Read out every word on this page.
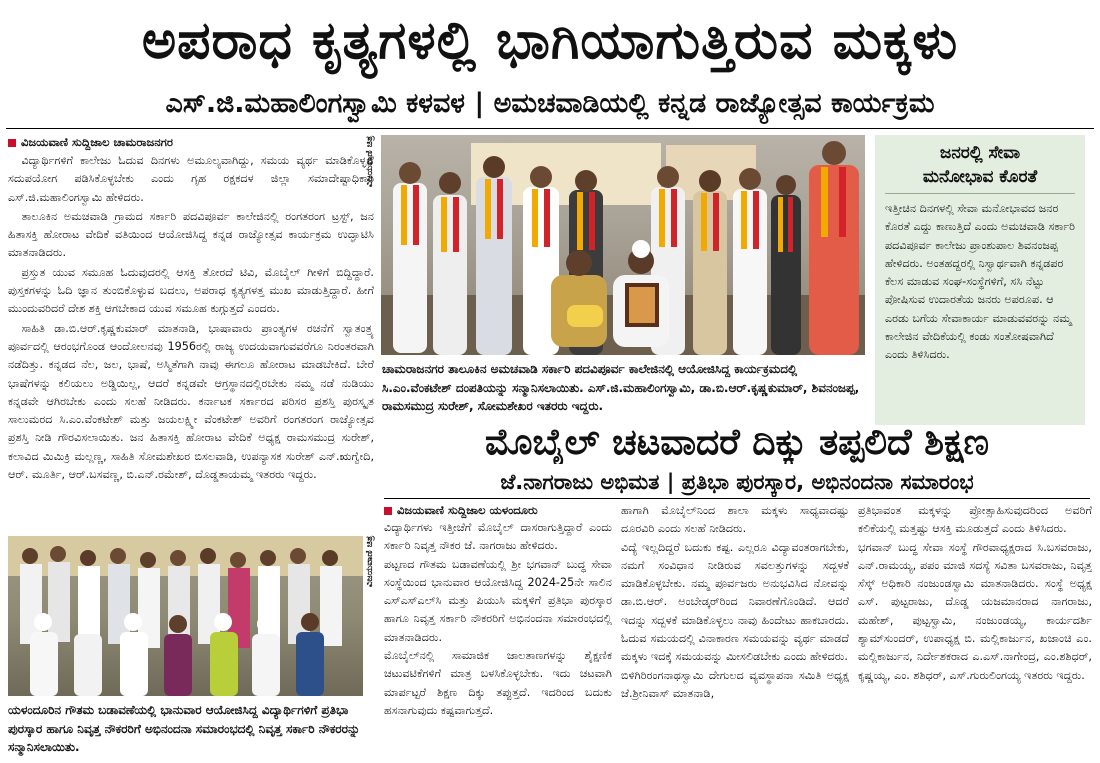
ಅಪರಾಧ ಕೃತ್ಯಗಳಲ್ಲಿ ಭಾಗಿಯಾಗುತ್ತಿರುವ ಮಕ್ಕಳು
ಎಸ್.ಜಿ.ಮಹಾಲಿಂಗಸ್ವಾಮಿ ಕಳವಳ | ಅಮಚವಾಡಿಯಲ್ಲಿ ಕನ್ನಡ ರಾಜ್ಯೋತ್ಸವ ಕಾರ್ಯಕ್ರಮ
ವಿಜಯವಾಣಿ ಸುದ್ದಿಜಾಲ ಚಾಮರಾಜನಗರ

ವಿದ್ಯಾರ್ಥಿಗಳಿಗೆ ಕಾಲೇಜು ಓದುವ ದಿನಗಳು ಅಮೂಲ್ಯವಾಗಿದ್ದು, ಸಮಯ ವ್ಯರ್ಥ ಮಾಡಿಕೊಳ್ಳದೆ ಸದುಪಯೋಗ ಪಡಿಸಿಕೊಳ್ಳಬೇಕು ಎಂದು ಗೃಹ ರಕ್ಷಕದಳ ಜಿಲ್ಲಾ ಸಮಾದೇಷ್ಟಾಧಿಕಾರಿ ಎಸ್.ಜಿ.ಮಹಾಲಿಂಗಸ್ವಾಮಿ ಹೇಳಿದರು.

ತಾಲೂಕಿನ ಅಮಚವಾಡಿ ಗ್ರಾಮದ ಸರ್ಕಾರಿ ಪದವಿಪೂರ್ವ ಕಾಲೇಜಿನಲ್ಲಿ ರಂಗತರಂಗ ಟ್ರಸ್ಟ್, ಜನ ಹಿತಾಸಕ್ತಿ ಹೋರಾಟ ವೇದಿಕೆ ವತಿಯಿಂದ ಆಯೋಜಿಸಿದ್ದ ಕನ್ನಡ ರಾಜ್ಯೋತ್ಸವ ಕಾರ್ಯಕ್ರಮ ಉದ್ಘಾಟಿಸಿ ಮಾತನಾಡಿದರು.

ಪ್ರಸ್ತುತ ಯುವ ಸಮೂಹ ಓದುವುದರಲ್ಲಿ ಆಸಕ್ತಿ ತೋರದೆ ಟಿವಿ, ಮೊಬೈಲ್ ಗೀಳಿಗೆ ಬಿದ್ದಿದ್ದಾರೆ. ಪುಸ್ತಕಗಳನ್ನು ಓದಿ ಜ್ಞಾನ ತುಂಬಿಕೊಳ್ಳುವ ಬದಲು, ಅಪರಾಧ ಕೃತ್ಯಗಳತ್ತ ಮುಖ ಮಾಡುತ್ತಿದ್ದಾರೆ. ಹೀಗೆ ಮುಂದುವರಿದರೆ ದೇಶ ಶಕ್ತಿ ಆಗಬೇಕಾದ ಯುವ ಸಮೂಹ ಕುಗ್ಗುತ್ತದೆ ಎಂದರು.

ಸಾಹಿತಿ ಡಾ.ಬಿ.ಆರ್.ಕೃಷ್ಣಕುಮಾರ್ ಮಾತನಾಡಿ, ಭಾಷಾವಾರು ಪ್ರಾಂತ್ಯಗಳ ರಚನೆಗೆ ಸ್ವಾತಂತ್ರ್ಯ ಪೂರ್ವದಲ್ಲಿ ಆರಂಭಗೊಂಡ ಆಂದೋಲನವು 1956ರಲ್ಲಿ ರಾಜ್ಯ ಉದಯವಾಗುವವರೆಗೂ ನಿರಂತರವಾಗಿ ನಡೆದಿತ್ತು. ಕನ್ನಡದ ನೆಲ, ಜಲ, ಭಾಷೆ, ಅಸ್ಮಿತೆಗಾಗಿ ನಾವು ಈಗಲೂ ಹೋರಾಟ ಮಾಡಬೇಕಿದೆ. ಬೇರೆ ಭಾಷೆಗಳನ್ನು ಕಲಿಯಲು ಅಡ್ಡಿಯಿಲ್ಲ, ಆದರೆ ಕನ್ನಡವೇ ಆಗ್ರಸ್ಥಾನದಲ್ಲಿರಬೇಕು ನಮ್ಮ ನಡೆ ನುಡಿಯು ಕನ್ನಡವೇ ಆಗಿರಬೇಕು ಎಂದು ಸಲಹೆ ನೀಡಿದರು. ಕರ್ನಾಟಕ ಸರ್ಕಾರದ ಪರಿಸರ ಪ್ರಶಸ್ತಿ ಪುರಸ್ಕೃತ ಸಾಲುಮರದ ಸಿ.ಎಂ.ವೆಂಕಟೇಶ್ ಮತ್ತು ಜಯಲಕ್ಷ್ಮೀ ವೆಂಕಟೇಶ್ ಅವರಿಗೆ ರಂಗತರಂಗ ರಾಜ್ಯೋತ್ಸವ ಪ್ರಶಸ್ತಿ ನೀಡಿ ಗೌರವಿಸಲಾಯಿತು. ಜನ ಹಿತಾಸಕ್ತಿ ಹೋರಾಟ ವೇದಿಕೆ ಅಧ್ಯಕ್ಷ ರಾಮಸಮುದ್ರ ಸುರೇಶ್, ಕಲಾವಿದ ಮಿಮಿಕ್ರಿ ಮಲ್ಲಣ್ಣ, ಸಾಹಿತಿ ಸೋಮಶೇಖರ ಬಿಸಲವಾಡಿ, ಉಪನ್ಯಾಸಕ ಸುರೇಶ್ ಎನ್.ಋಗ್ವೇದಿ, ಆರ್. ಮೂರ್ತಿ, ಆರ್.ಬಸವಣ್ಣ, ಬಿ.ಎನ್.ರಮೇಶ್, ದೊಡ್ಡತಾಯಮ್ಮ ಇತರರು ಇದ್ದರು.

ವಿಜಯವಾಣಿ ಚಿತ್ರ
ಚಾಮರಾಜನಗರ ತಾಲೂಕಿನ ಅಮಚವಾಡಿ ಸರ್ಕಾರಿ ಪದವಿಪೂರ್ವ ಕಾಲೇಜಿನಲ್ಲಿ ಆಯೋಜಿಸಿದ್ದ ಕಾರ್ಯಕ್ರಮದಲ್ಲಿ ಸಿ.ಎಂ.ವೆಂಕಟೇಶ್ ದಂಪತಿಯನ್ನು ಸನ್ಮಾನಿಸಲಾಯಿತು. ಎಸ್.ಜಿ.ಮಹಾಲಿಂಗಸ್ವಾಮಿ, ಡಾ.ಬಿ.ಆರ್.ಕೃಷ್ಣಕುಮಾರ್, ಶಿವನಂಜಪ್ಪ, ರಾಮಸಮುದ್ರ ಸುರೇಶ್, ಸೋಮಶೇಖರ ಇತರರು ಇದ್ದರು.
ಜನರಲ್ಲಿ ಸೇವಾ
ಮನೋಭಾವ ಕೊರತೆ
ಇತ್ತೀಚಿನ ದಿನಗಳಲ್ಲಿ ಸೇವಾ ಮನೋಭಾವದ ಜನರ ಕೊರತೆ ಎದ್ದು ಕಾಣುತ್ತಿದೆ ಎಂದು ಅಮಚವಾಡಿ ಸರ್ಕಾರಿ ಪದವಿಪೂರ್ವ ಕಾಲೇಜು ಪ್ರಾಂಶುಪಾಲ ಶಿವನಂಜಪ್ಪ ಹೇಳಿದರು. ಅಂತಹದ್ದರಲ್ಲಿ ನಿಸ್ವಾರ್ಥವಾಗಿ ಕನ್ನಡಪರ ಕೆಲಸ ಮಾಡುವ ಸಂಘ-ಸಂಸ್ಥೆಗಳಿಗೆ, ಸಸಿ ನೆಟ್ಟು ಪೋಷಿಸುವ ಉದಾರತೆಯ ಜನರು ಅಪರೂಪ. ಆ ಎರಡು ಬಗೆಯ ಸೇವಾಕಾರ್ಯ ಮಾಡುವವರನ್ನು ನಮ್ಮ ಕಾಲೇಜಿನ ವೇದಿಕೆಯಲ್ಲಿ ಕಂಡು ಸಂತೋಷವಾಗಿದೆ ಎಂದು ತಿಳಿಸಿದರು.
ಮೊಬೈಲ್ ಚಟವಾದರೆ ದಿಕ್ಕು ತಪ್ಪಲಿದೆ ಶಿಕ್ಷಣ
ಜೆ.ನಾಗರಾಜು ಅಭಿಮತ | ಪ್ರತಿಭಾ ಪುರಸ್ಕಾರ, ಅಭಿನಂದನಾ ಸಮಾರಂಭ
ವಿಜಯವಾಣಿ ಚಿತ್ರ
ಯಳಂದೂರಿನ ಗೌತಮ ಬಡಾವಣೆಯಲ್ಲಿ ಭಾನುವಾರ ಆಯೋಜಿಸಿದ್ದ ವಿದ್ಯಾರ್ಥಿಗಳಿಗೆ ಪ್ರತಿಭಾ ಪುರಸ್ಕಾರ ಹಾಗೂ ನಿವೃತ್ತ ನೌಕರರಿಗೆ ಅಭಿನಂದನಾ ಸಮಾರಂಭದಲ್ಲಿ ನಿವೃತ್ತ ಸರ್ಕಾರಿ ನೌಕರರನ್ನು ಸನ್ಮಾನಿಸಲಾಯಿತು.
ವಿಜಯವಾಣಿ ಸುದ್ದಿಜಾಲ ಯಳಂದೂರು
ವಿದ್ಯಾರ್ಥಿಗಳು ಇತ್ತೀಚೆಗೆ ಮೊಬೈಲ್ ದಾಸರಾಗುತ್ತಿದ್ದಾರೆ ಎಂದು ಸರ್ಕಾರಿ ನಿವೃತ್ತ ನೌಕರ ಜೆ. ನಾಗರಾಜು ಹೇಳಿದರು.
ಪಟ್ಟಣದ ಗೌತಮ ಬಡಾವಣೆಯಲ್ಲಿ ಶ್ರೀ ಭಗವಾನ್ ಬುದ್ಧ ಸೇವಾ ಸಂಸ್ಥೆಯಿಂದ ಭಾನುವಾರ ಆಯೋಜಿಸಿದ್ದ 2024-25ನೇ ಸಾಲಿನ ಎಸ್‌ಎಸ್‌ಎಲ್‌ಸಿ ಮತ್ತು ಪಿಯುಸಿ ಮಕ್ಕಳಿಗೆ ಪ್ರತಿಭಾ ಪುರಸ್ಕಾರ ಹಾಗೂ ನಿವೃತ್ತ ಸರ್ಕಾರಿ ನೌಕರರಿಗೆ ಅಭಿನಂದನಾ ಸಮಾರಂಭದಲ್ಲಿ ಮಾತನಾಡಿದರು.
ಮೊಬೈಲ್‌ನಲ್ಲಿ ಸಾಮಾಜಿಕ ಜಾಲತಾಣಗಳನ್ನು ಶೈಕ್ಷಣಿಕ ಚಟುವಟಿಕೆಗಳಿಗೆ ಮಾತ್ರ ಬಳಸಿಕೊಳ್ಳಬೇಕು. ಇದು ಚಟವಾಗಿ ಮಾರ್ಪಟ್ಟರೆ ಶಿಕ್ಷಣ ದಿಕ್ಕು ತಪ್ಪುತ್ತದೆ. ಇದರಿಂದ ಬದುಕು ಹಸನಾಗುವುದು ಕಷ್ಟವಾಗುತ್ತದೆ.
ಹಾಗಾಗಿ ಮೊಬೈಲ್‌ನಿಂದ ಶಾಲಾ ಮಕ್ಕಳು ಸಾಧ್ಯವಾದಷ್ಟು ದೂರವಿರಿ ಎಂದು ಸಲಹೆ ನೀಡಿದರು.
ವಿದ್ಯೆ ಇಲ್ಲದಿದ್ದರೆ ಬದುಕು ಕಷ್ಟ. ಎಲ್ಲರೂ ವಿದ್ಯಾವಂತರಾಗಬೇಕು, ನಮಗೆ ಸಂವಿಧಾನ ನೀಡಿರುವ ಸವಲತ್ತುಗಳನ್ನು ಸದ್ಬಳಕೆ ಮಾಡಿಕೊಳ್ಳಬೇಕು. ನಮ್ಮ ಪೂರ್ವಜರು ಅನುಭವಿಸಿದ ನೋವನ್ನು ಡಾ.ಬಿ.ಆರ್. ಅಂಬೇಡ್ಕರ್‌ರಿಂದ ನಿವಾರಣೆಗೊಂಡಿದೆ. ಆದರೆ ಇದನ್ನು ಸದ್ಬಳಕೆ ಮಾಡಿಕೊಳ್ಳಲು ನಾವು ಹಿಂದೇಟು ಹಾಕಬಾರದು. ಓದುವ ಸಮಯದಲ್ಲಿ ವಿನಾಕಾರಣ ಸಮಯವನ್ನು ವ್ಯರ್ಥ ಮಾಡದೆ ಮಕ್ಕಳು ಇದಕ್ಕೆ ಸಮಯವನ್ನು ಮೀಸಲಿಡಬೇಕು ಎಂದು ಹೇಳಿದರು.
ಬಿಳಿಗಿರಿರಂಗನಾಥಸ್ವಾಮಿ ದೇಗುಲದ ವ್ಯವಸ್ಥಾಪನಾ ಸಮಿತಿ ಅಧ್ಯಕ್ಷ ಜೆ.ಶ್ರೀನಿವಾಸ್ ಮಾತನಾಡಿ,
ಪ್ರತಿಭಾವಂತ ಮಕ್ಕಳನ್ನು ಪ್ರೋತ್ಸಾಹಿಸುವುದರಿಂದ ಅವರಿಗೆ ಕಲಿಕೆಯಲ್ಲಿ ಮತ್ತಷ್ಟು ಆಸಕ್ತಿ ಮೂಡುತ್ತದೆ ಎಂದು ತಿಳಿಸಿದರು.
ಭಗವಾನ್ ಬುದ್ಧ ಸೇವಾ ಸಂಸ್ಥೆ ಗೌರವಾಧ್ಯಕ್ಷರಾದ ಸಿ.ಬಸವರಾಜು, ಎನ್.ರಾಮಯ್ಯ, ಪಪಂ ಮಾಜಿ ಸದಸ್ಯೆ ಸವಿತಾ ಬಸವರಾಜು, ನಿವೃತ್ತ ಸೆಸ್ಕ್ ಅಧಿಕಾರಿ ನಂಜುಂಡಸ್ವಾಮಿ ಮಾತನಾಡಿದರು. ಸಂಸ್ಥೆ ಅಧ್ಯಕ್ಷ ಎಸ್. ಪುಟ್ಟರಾಜು, ದೊಡ್ಡ ಯಜಮಾನರಾದ ನಾಗರಾಜು, ಮಹೇಶ್, ಪುಟ್ಟಸ್ವಾಮಿ, ನಂಜುಂಡಯ್ಯ, ಕಾರ್ಯದರ್ಶಿ ಶ್ಯಾಮ್‌ಸುಂದರ್, ಉಪಾಧ್ಯಕ್ಷ ಬಿ. ಮಲ್ಲಿಕಾರ್ಜುನ, ಖಜಾಂಚಿ ಎಂ. ಮಲ್ಲಿಕಾರ್ಜುನ, ನಿರ್ದೇಶಕರಾದ ಎ.ಎಸ್.ನಾಗೇಂದ್ರ, ಎಂ.ಶಶಿಧರ್, ಕೃಷ್ಣಯ್ಯ, ಎಂ. ಶಶಿಧರ್, ಎಸ್.ಗುರುಲಿಂಗಯ್ಯ ಇತರರು ಇದ್ದರು.
